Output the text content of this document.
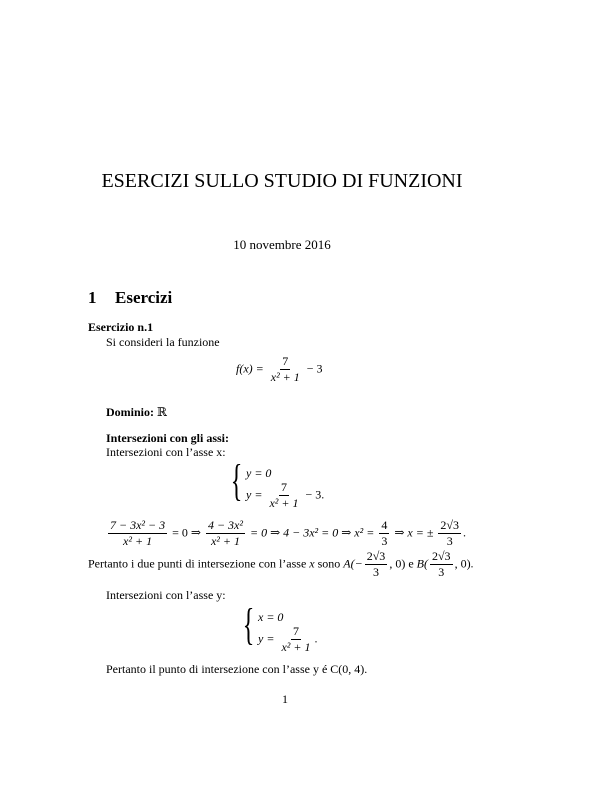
ESERCIZI SULLO STUDIO DI FUNZIONI
10 novembre 2016
1 Esercizi
Esercizio n.1
Si consideri la funzione
$f(x) = \frac{7}{\text{x² + 1}} - 3$
Dominio: ℝ
Intersezioni con gli assi:
Intersezioni con l’asse x:
{ y = 0
$y = \frac{7}{\text{x² + 1}} - 3$.
$\frac{\text{7 − 3x² − 3}}{\text{x² + 1}} = 0$ ⇒ $\frac{\text{4 − 3x²}}{\text{x² + 1}} = 0$ ⇒ 4 − 3x² = 0 ⇒ $x^2 = \frac{4}{3}$ ⇒ x = ± $\frac{2√3}{3}$ .
Pertanto i due punti di intersezione con l’asse x sono $A(- \frac{2√3}{3}$ , 0) e $B( \frac{2√3}{3}$ , 0).
Intersezioni con l’asse y:
{ x = 0
$y = \frac{7}{\text{x² + 1}}$ .
Pertanto il punto di intersezione con l’asse y é C(0, 4).
1
